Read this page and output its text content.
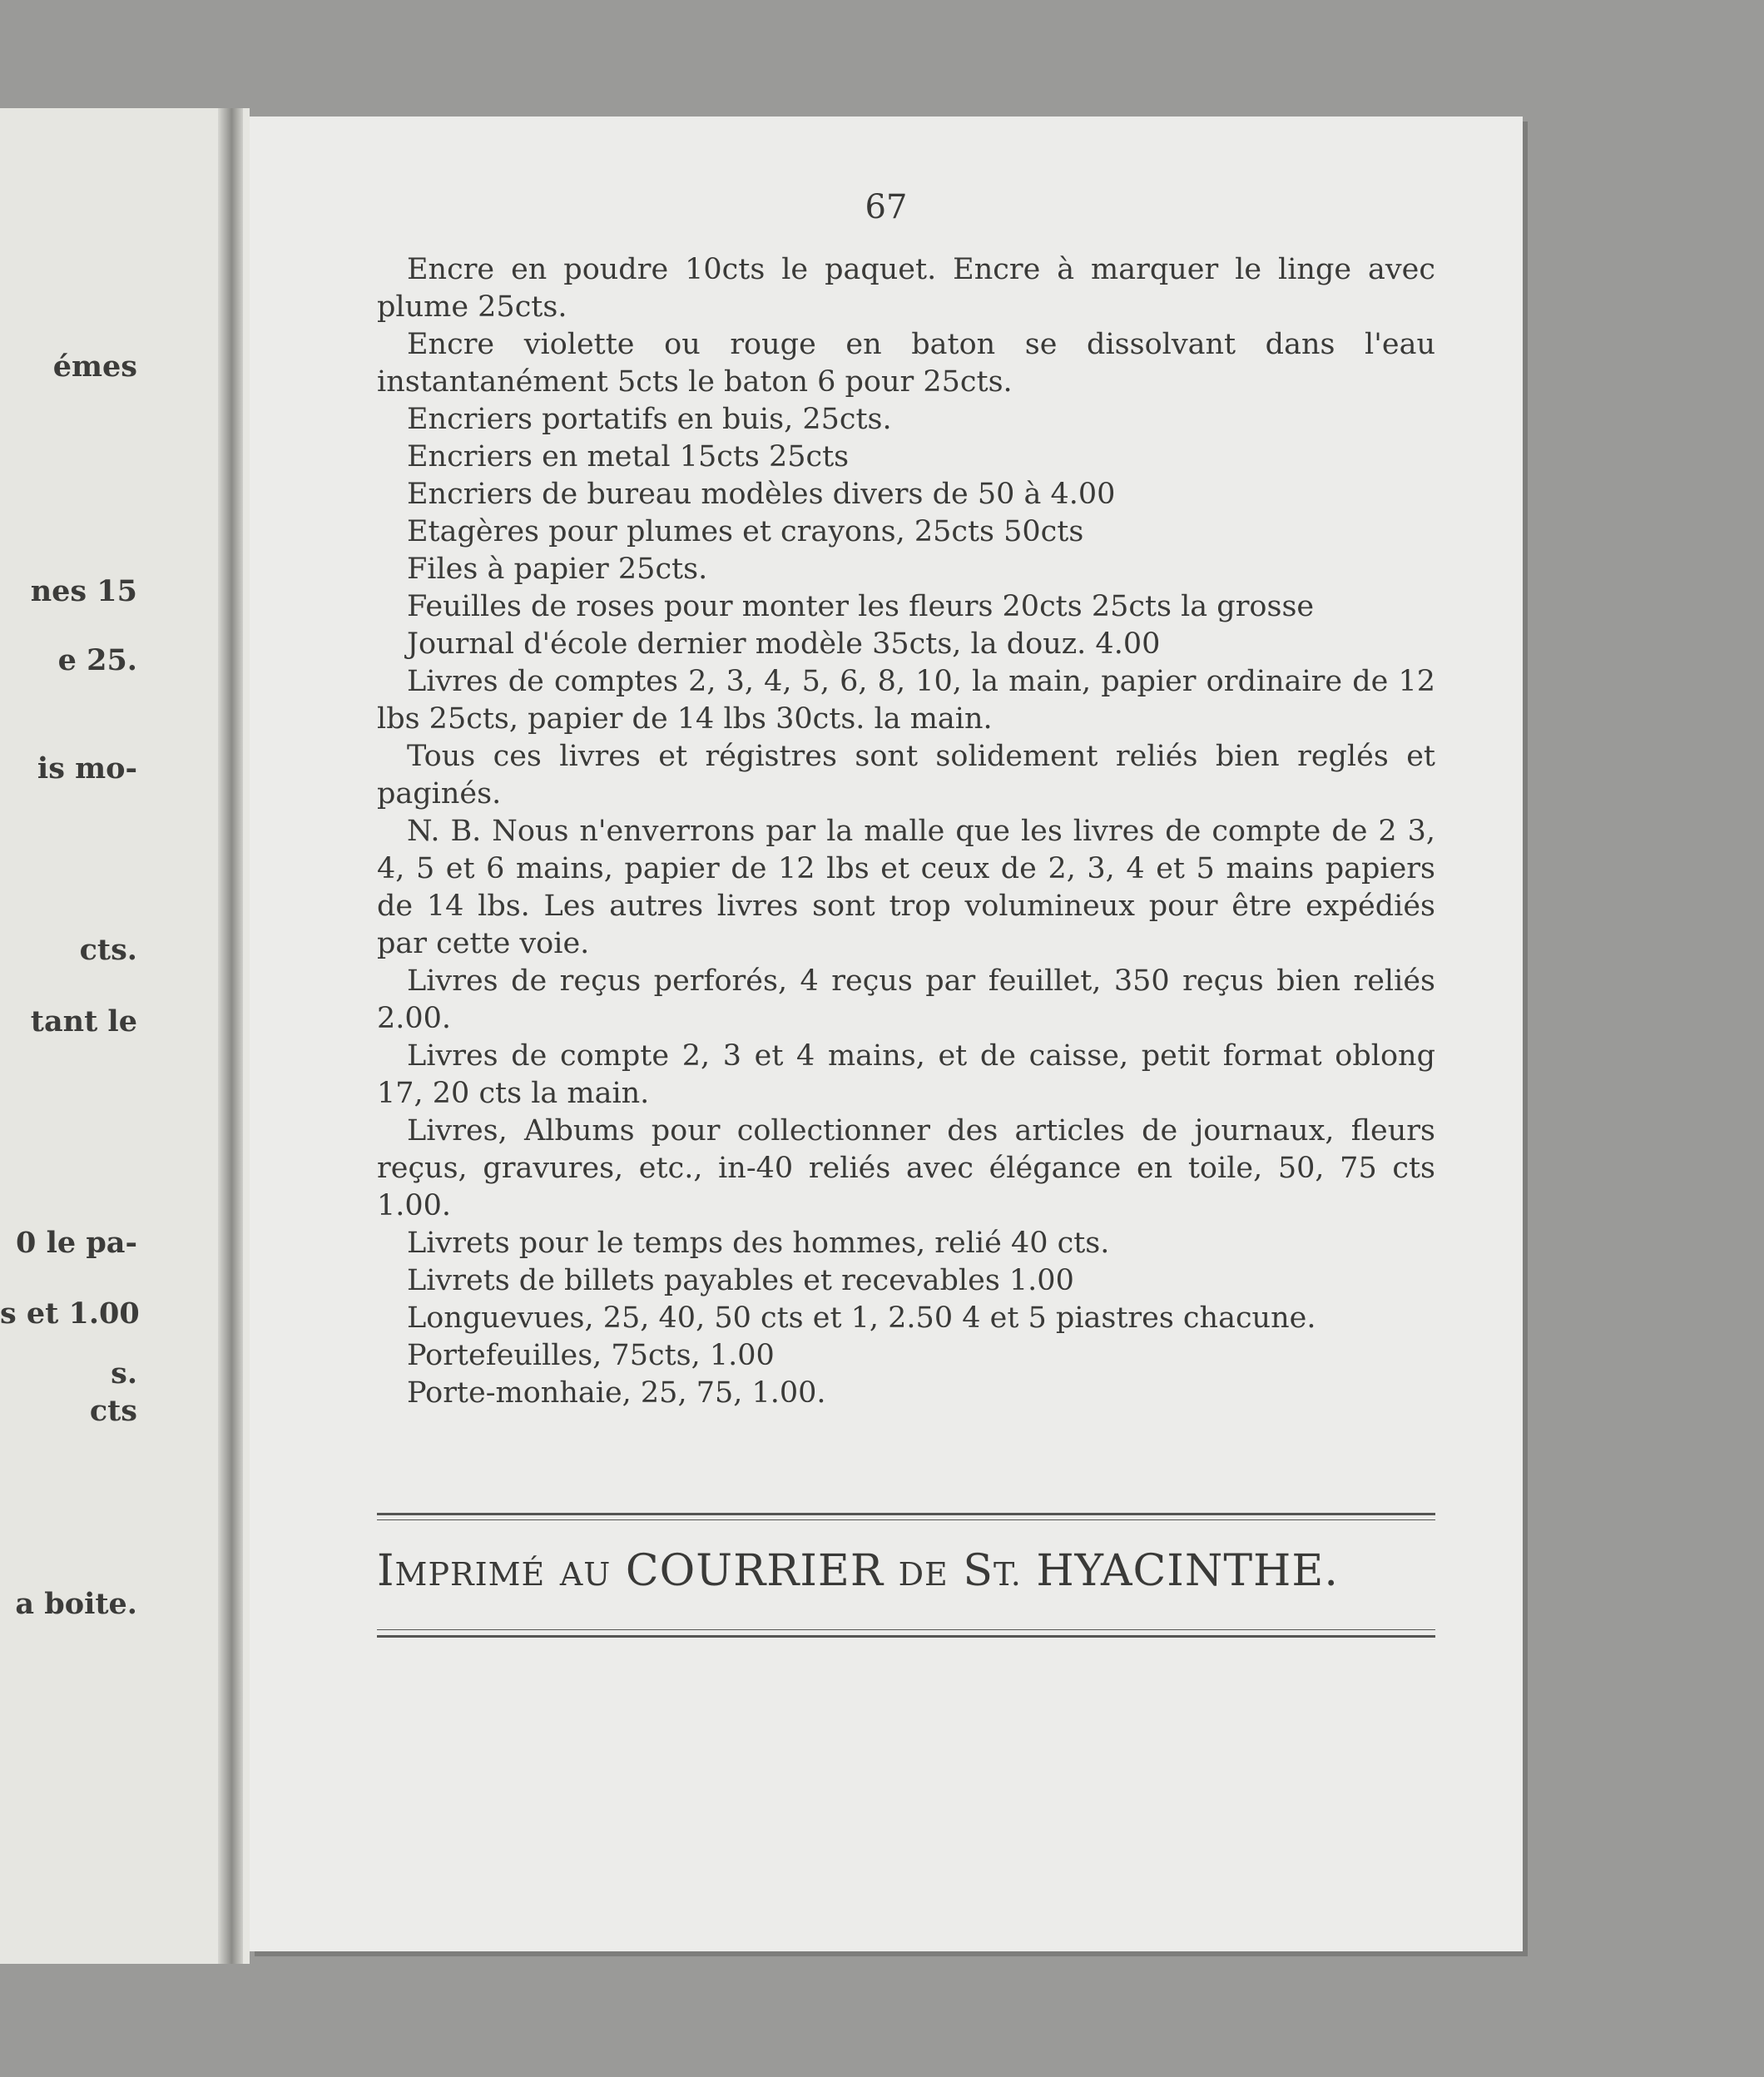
émes
nes 15
e 25.
is mo-
cts.
tant le
0 le pa-
s et 1.00
s.
cts
a boite.

67

Encre en poudre 10cts le paquet. Encre à marquer le linge avec plume 25cts.
Encre violette ou rouge en baton se dissolvant dans l'eau instantanément 5cts le baton 6 pour 25cts.
Encriers portatifs en buis, 25cts.
Encriers en metal 15cts 25cts
Encriers de bureau modèles divers de 50 à 4.00
Etagères pour plumes et crayons, 25cts 50cts
Files à papier 25cts.
Feuilles de roses pour monter les fleurs 20cts 25cts la grosse
Journal d'école dernier modèle 35cts, la douz. 4.00
Livres de comptes 2, 3, 4, 5, 6, 8, 10, la main, papier ordinaire de 12 lbs 25cts, papier de 14 lbs 30cts. la main.
Tous ces livres et régistres sont solidement reliés bien reglés et paginés.
N. B. Nous n'enverrons par la malle que les livres de compte de 2 3, 4, 5 et 6 mains, papier de 12 lbs et ceux de 2, 3, 4 et 5 mains papiers de 14 lbs. Les autres livres sont trop volumineux pour être expédiés par cette voie.
Livres de reçus perforés, 4 reçus par feuillet, 350 reçus bien reliés 2.00.
Livres de compte 2, 3 et 4 mains, et de caisse, petit format oblong 17, 20 cts la main.
Livres, Albums pour collectionner des articles de journaux, fleurs reçus, gravures, etc., in-40 reliés avec élégance en toile, 50, 75 cts 1.00.
Livrets pour le temps des hommes, relié 40 cts.
Livrets de billets payables et recevables 1.00
Longuevues, 25, 40, 50 cts et 1, 2.50 4 et 5 piastres chacune.
Portefeuilles, 75cts, 1.00
Porte-monhaie, 25, 75, 1.00.
IMPRIMÉ AU COURRIER DE ST. HYACINTHE.
